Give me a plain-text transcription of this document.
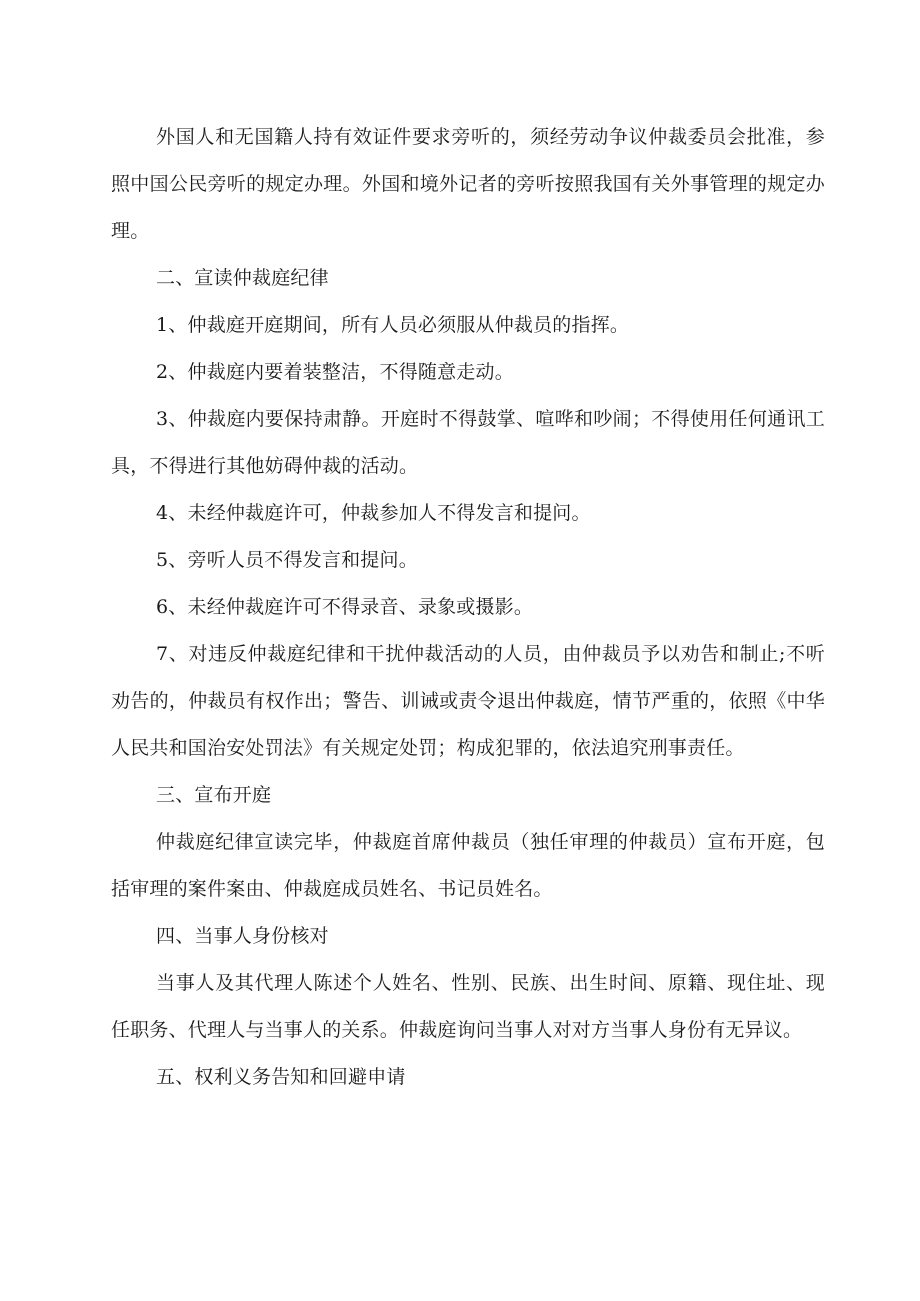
外国人和无国籍人持有效证件要求旁听的，须经劳动争议仲裁委员会批准，参照中国公民旁听的规定办理。外国和境外记者的旁听按照我国有关外事管理的规定办理。

二、宣读仲裁庭纪律

1、仲裁庭开庭期间，所有人员必须服从仲裁员的指挥。

2、仲裁庭内要着装整洁，不得随意走动。

3、仲裁庭内要保持肃静。开庭时不得鼓掌、喧哗和吵闹；不得使用任何通讯工具，不得进行其他妨碍仲裁的活动。

4、未经仲裁庭许可，仲裁参加人不得发言和提问。

5、旁听人员不得发言和提问。

6、未经仲裁庭许可不得录音、录象或摄影。

7、对违反仲裁庭纪律和干扰仲裁活动的人员，由仲裁员予以劝告和制止;不听劝告的，仲裁员有权作出；警告、训诫或责令退出仲裁庭，情节严重的，依照《中华人民共和国治安处罚法》有关规定处罚；构成犯罪的，依法追究刑事责任。

三、宣布开庭

仲裁庭纪律宣读完毕，仲裁庭首席仲裁员（独任审理的仲裁员）宣布开庭，包括审理的案件案由、仲裁庭成员姓名、书记员姓名。

四、当事人身份核对

当事人及其代理人陈述个人姓名、性别、民族、出生时间、原籍、现住址、现任职务、代理人与当事人的关系。仲裁庭询问当事人对对方当事人身份有无异议。

五、权利义务告知和回避申请
